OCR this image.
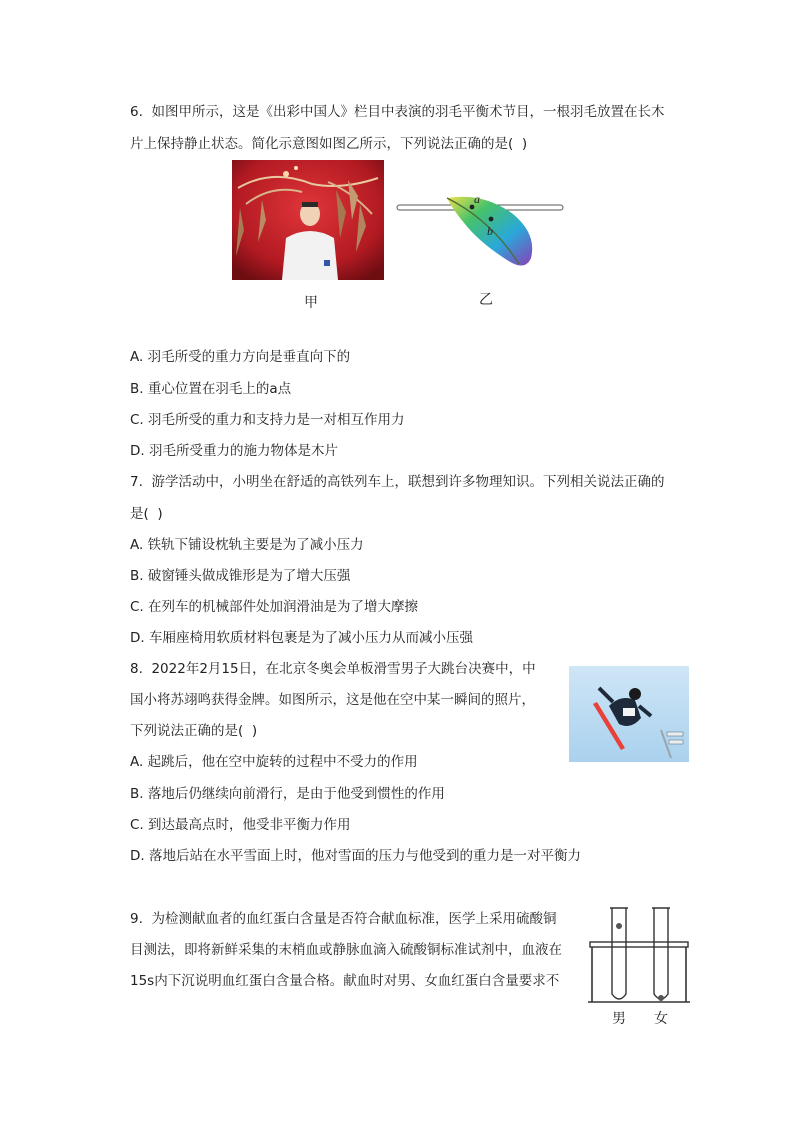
6.  如图甲所示，这是《出彩中国人》栏目中表演的羽毛平衡术节目，一根羽毛放置在长木
片上保持静止状态。简化示意图如图乙所示，下列说法正确的是(  )
a
b
甲	乙
A. 羽毛所受的重力方向是垂直向下的
B. 重心位置在羽毛上的a点
C. 羽毛所受的重力和支持力是一对相互作用力
D. 羽毛所受重力的施力物体是木片
7.  游学活动中，小明坐在舒适的高铁列车上，联想到许多物理知识。下列相关说法正确的
是(  )
A. 铁轨下铺设枕轨主要是为了减小压力
B. 破窗锤头做成锥形是为了增大压强
C. 在列车的机械部件处加润滑油是为了增大摩擦
D. 车厢座椅用软质材料包裹是为了减小压力从而减小压强
8.  2022年2月15日，在北京冬奥会单板滑雪男子大跳台决赛中，中
国小将苏翊鸣获得金牌。如图所示，这是他在空中某一瞬间的照片，
下列说法正确的是(  )
A. 起跳后，他在空中旋转的过程中不受力的作用
B. 落地后仍继续向前滑行，是由于他受到惯性的作用
C. 到达最高点时，他受非平衡力作用
D. 落地后站在水平雪面上时，他对雪面的压力与他受到的重力是一对平衡力
9.  为检测献血者的血红蛋白含量是否符合献血标准，医学上采用硫酸铜
目测法，即将新鲜采集的末梢血或静脉血滴入硫酸铜标准试剂中，血液在
15s内下沉说明血红蛋白含量合格。献血时对男、女血红蛋白含量要求不
男 女
